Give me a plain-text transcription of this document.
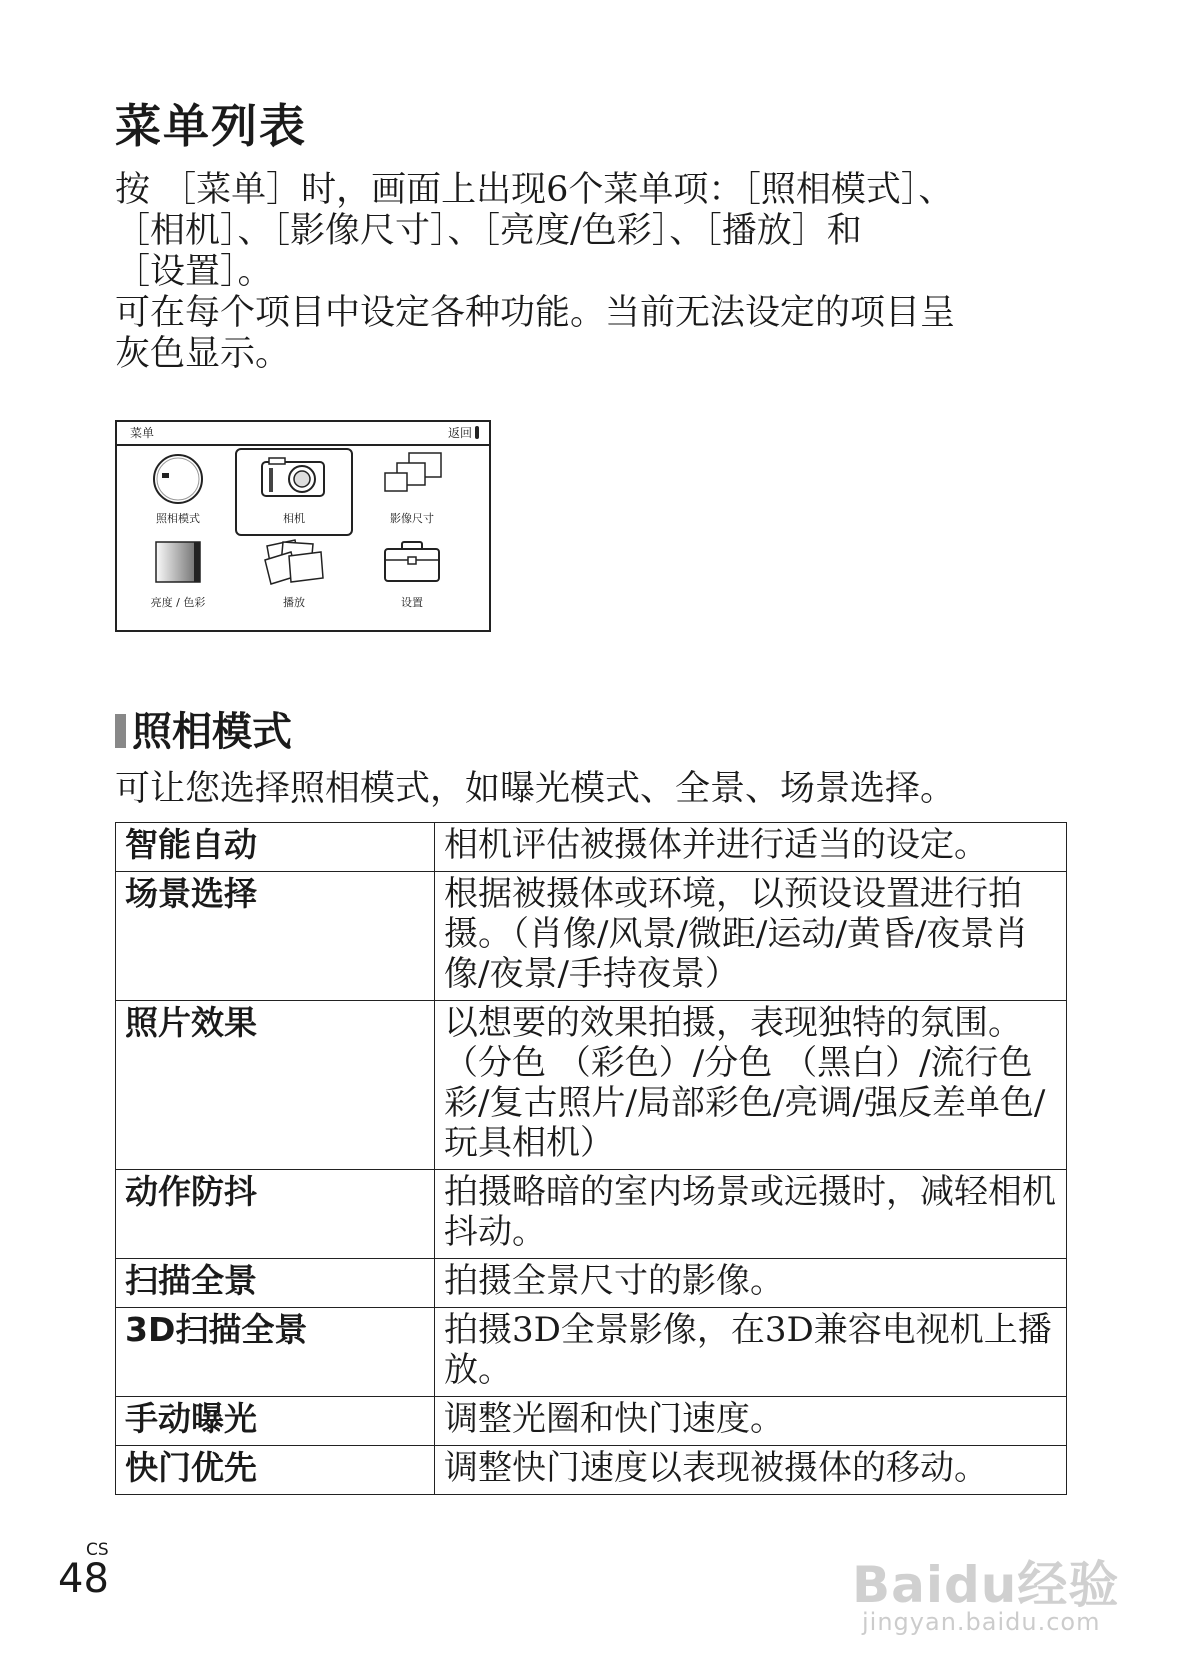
菜单列表

按 ［菜单］时，画面上出现6个菜单项：［照相模式］、

［相机］、［影像尺寸］、［亮度/色彩］、［播放］和

［设置］。

可在每个项目中设定各种功能。当前无法设定的项目呈

灰色显示。

菜单	返回
照相模式	相机	影像尺寸
亮度 / 色彩	播放	设置
照相模式

可让您选择照相模式，如曝光模式、全景、场景选择。

智能自动	相机评估被摄体并进行适当的设定。
场景选择	根据被摄体或环境，以预设设置进行拍摄。（肖像/风景/微距/运动/黄昏/夜景肖像/夜景/手持夜景）
照片效果	以想要的效果拍摄，表现独特的氛围。（分色 （彩色）/分色 （黑白）/流行色彩/复古照片/局部彩色/亮调/强反差单色/玩具相机）
动作防抖	拍摄略暗的室内场景或远摄时，减轻相机抖动。
扫描全景	拍摄全景尺寸的影像。
3D扫描全景	拍摄3D全景影像，在3D兼容电视机上播放。
手动曝光	调整光圈和快门速度。
快门优先	调整快门速度以表现被摄体的移动。
CS
48	Baidu经验
jingyan.baidu.com
